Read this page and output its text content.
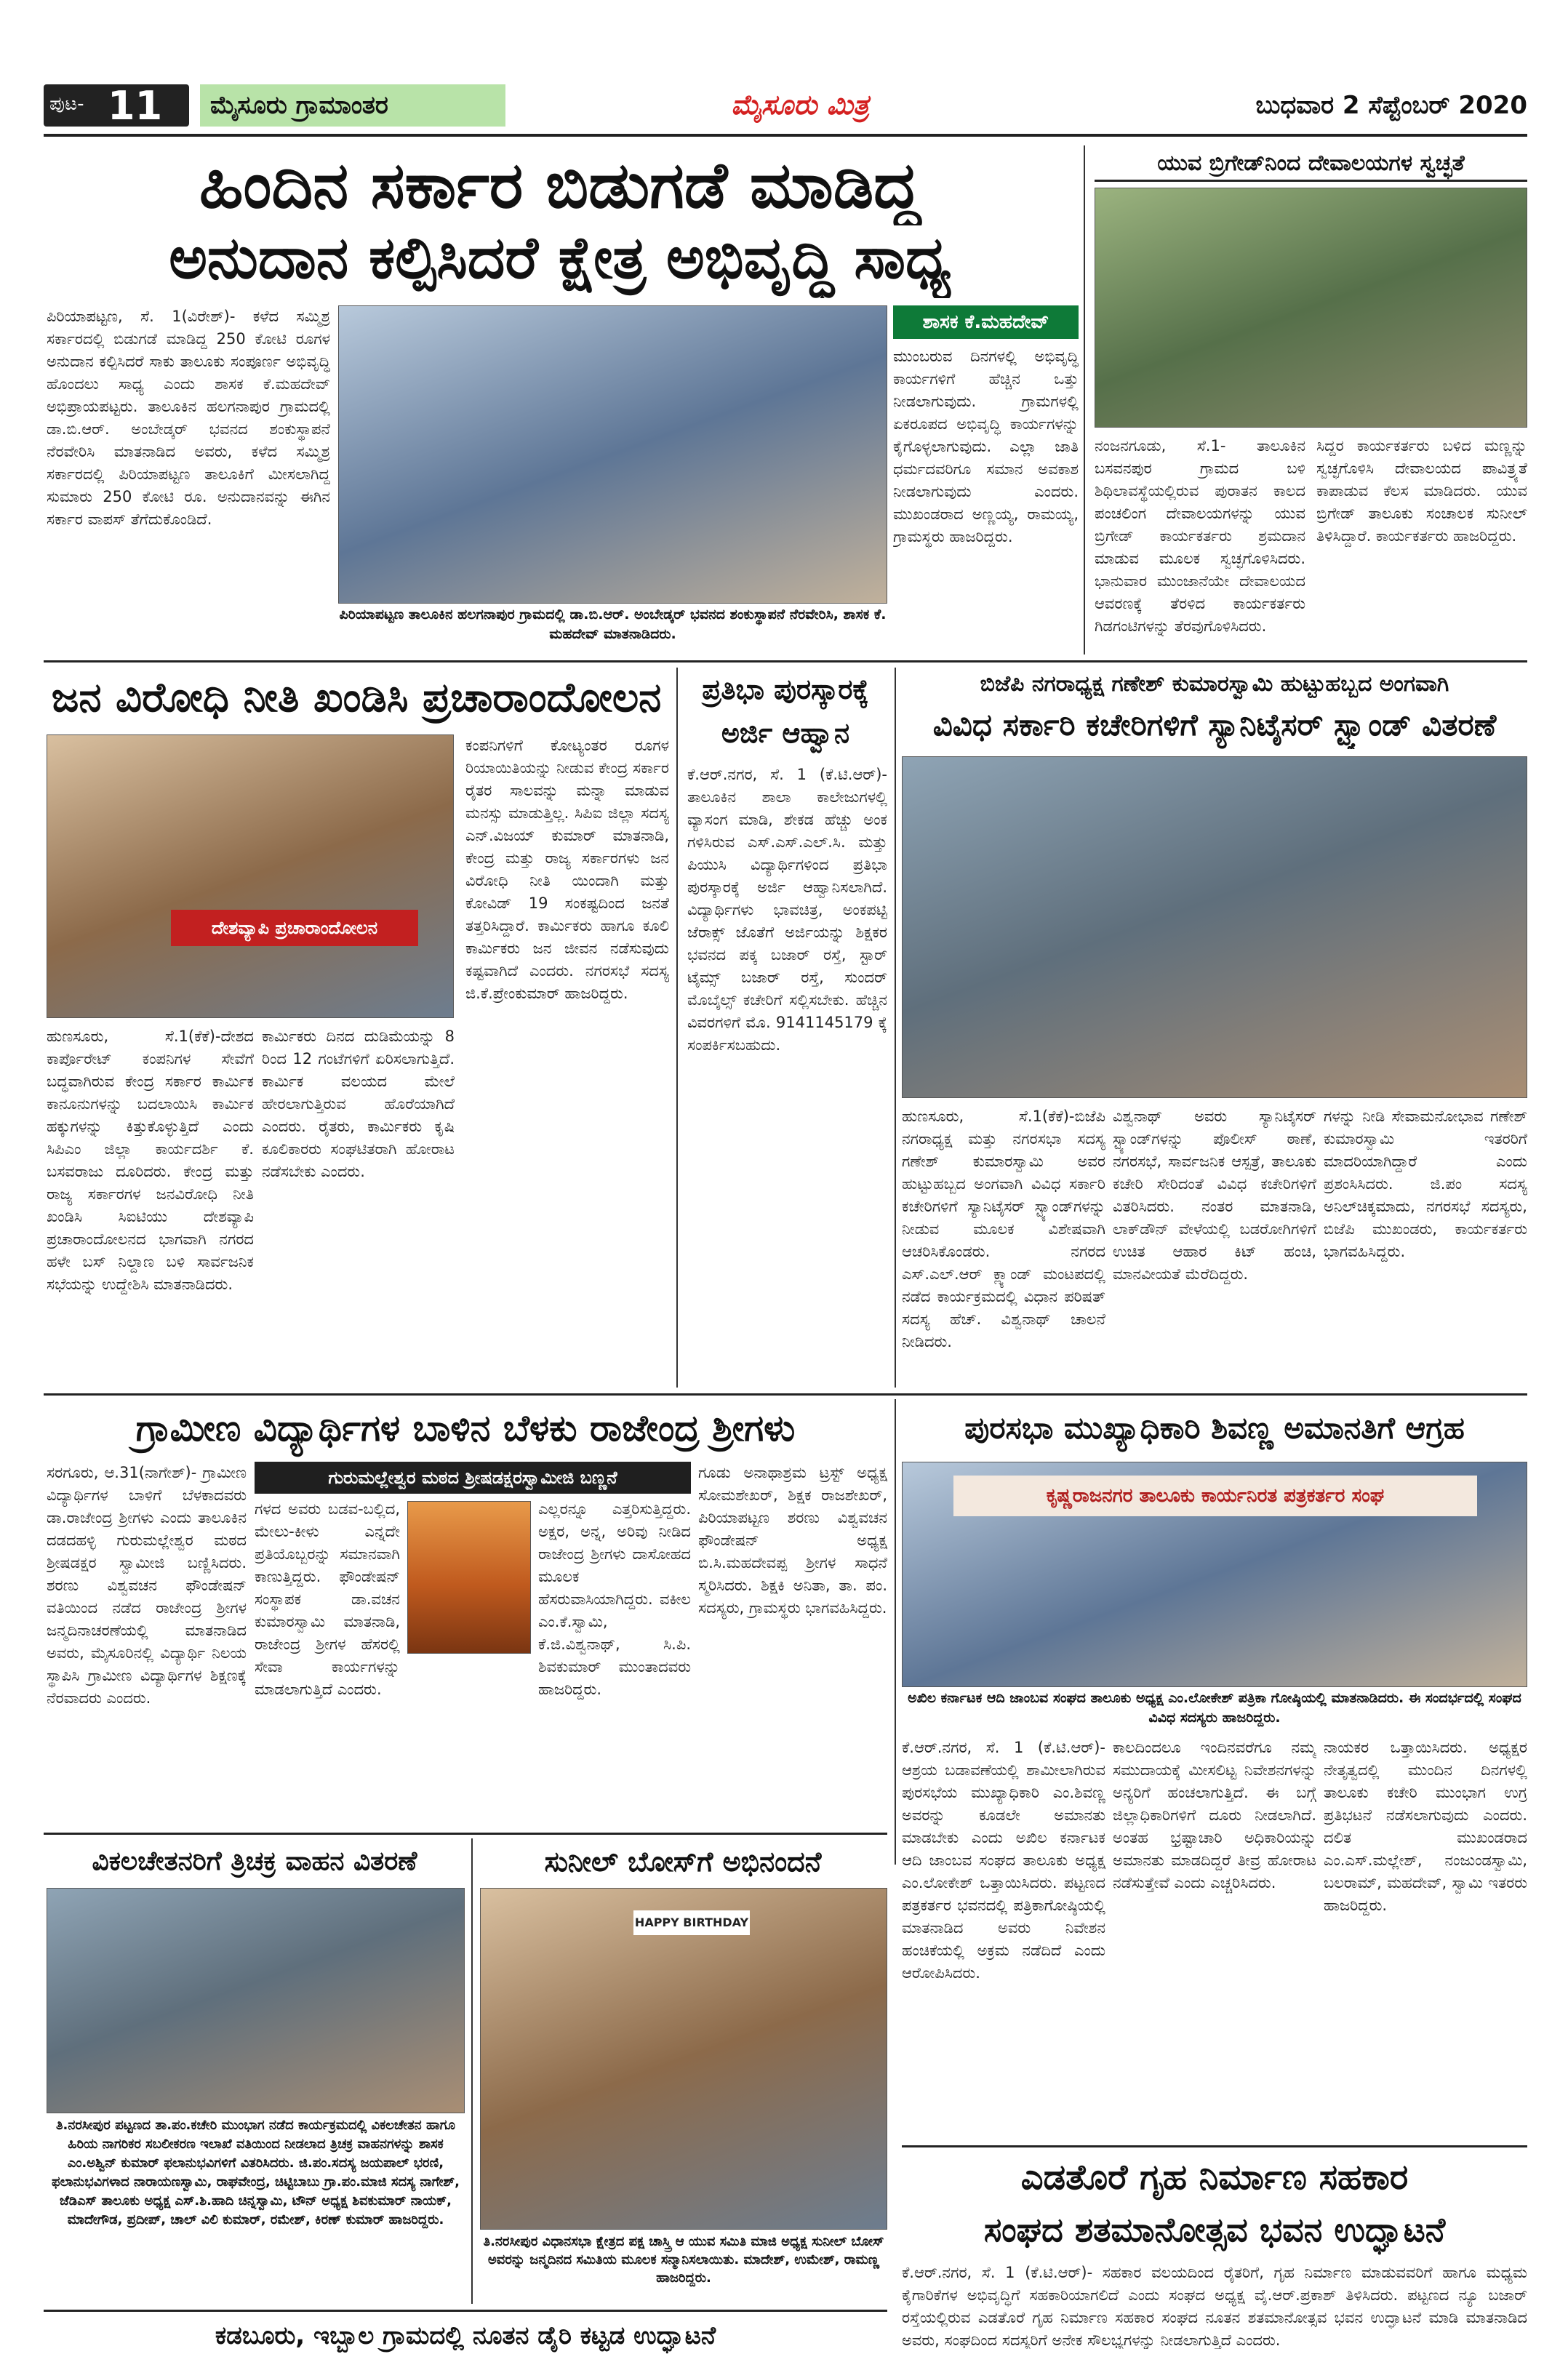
ಪುಟ- 11	ಮೈಸೂರು ಗ್ರಾಮಾಂತರ	ಮೈಸೂರು ಮಿತ್ರ	ಬುಧವಾರ 2 ಸೆಪ್ಟೆಂಬರ್ 2020
ಹಿಂದಿನ ಸರ್ಕಾರ ಬಿಡುಗಡೆ ಮಾಡಿದ್ದ
ಅನುದಾನ ಕಲ್ಪಿಸಿದರೆ ಕ್ಷೇತ್ರ ಅಭಿವೃದ್ಧಿ ಸಾಧ್ಯ
ಪಿರಿಯಾಪಟ್ಟಣ, ಸೆ. 1(ವಿರೇಶ್)- ಕಳೆದ ಸಮ್ಮಿಶ್ರ ಸರ್ಕಾರದಲ್ಲಿ ಬಿಡುಗಡೆ ಮಾಡಿದ್ದ 250 ಕೋಟಿ ರೂಗಳ ಅನುದಾನ ಕಲ್ಪಿಸಿದರೆ ಸಾಕು ತಾಲೂಕು ಸಂಪೂರ್ಣ ಅಭಿವೃದ್ಧಿ ಹೊಂದಲು ಸಾಧ್ಯ ಎಂದು ಶಾಸಕ ಕೆ.ಮಹದೇವ್ ಅಭಿಪ್ರಾಯಪಟ್ಟರು. ತಾಲೂಕಿನ ಹಲಗನಾಪುರ ಗ್ರಾಮದಲ್ಲಿ ಡಾ.ಬಿ.ಆರ್. ಅಂಬೇಡ್ಕರ್ ಭವನದ ಶಂಕುಸ್ಥಾಪನೆ ನೆರವೇರಿಸಿ ಮಾತನಾಡಿದ ಅವರು, ಕಳೆದ ಸಮ್ಮಿಶ್ರ ಸರ್ಕಾರದಲ್ಲಿ ಪಿರಿಯಾಪಟ್ಟಣ ತಾಲೂಕಿಗೆ ಮೀಸಲಾಗಿದ್ದ ಸುಮಾರು 250 ಕೋಟಿ ರೂ. ಅನುದಾನವನ್ನು ಈಗಿನ ಸರ್ಕಾರ ವಾಪಸ್ ತೆಗೆದುಕೊಂಡಿದೆ.
ಪಿರಿಯಾಪಟ್ಟಣ ತಾಲೂಕಿನ ಹಲಗನಾಪುರ ಗ್ರಾಮದಲ್ಲಿ ಡಾ.ಬಿ.ಆರ್. ಅಂಬೇಡ್ಕರ್ ಭವನದ ಶಂಕುಸ್ಥಾಪನೆ ನೆರವೇರಿಸಿ, ಶಾಸಕ ಕೆ. ಮಹದೇವ್ ಮಾತನಾಡಿದರು.
ಶಾಸಕ ಕೆ.ಮಹದೇವ್
ಮುಂಬರುವ ದಿನಗಳಲ್ಲಿ ಅಭಿವೃದ್ಧಿ ಕಾರ್ಯಗಳಿಗೆ ಹೆಚ್ಚಿನ ಒತ್ತು ನೀಡಲಾಗುವುದು. ಗ್ರಾಮಗಳಲ್ಲಿ ಏಕರೂಪದ ಅಭಿವೃದ್ಧಿ ಕಾರ್ಯಗಳನ್ನು ಕೈಗೊಳ್ಳಲಾಗುವುದು. ಎಲ್ಲಾ ಜಾತಿ ಧರ್ಮದವರಿಗೂ ಸಮಾನ ಅವಕಾಶ ನೀಡಲಾಗುವುದು ಎಂದರು. ಮುಖಂಡರಾದ ಅಣ್ಣಯ್ಯ, ರಾಮಯ್ಯ, ಗ್ರಾಮಸ್ಥರು ಹಾಜರಿದ್ದರು.
ಯುವ ಬ್ರಿಗೇಡ್‌ನಿಂದ ದೇವಾಲಯಗಳ ಸ್ವಚ್ಛತೆ
ನಂಜನಗೂಡು, ಸೆ.1- ತಾಲೂಕಿನ ಬಸವನಪುರ ಗ್ರಾಮದ ಬಳಿ ಶಿಥಿಲಾವಸ್ಥೆಯಲ್ಲಿರುವ ಪುರಾತನ ಕಾಲದ ಪಂಚಲಿಂಗ ದೇವಾಲಯಗಳನ್ನು ಯುವ ಬ್ರಿಗೇಡ್ ಕಾರ್ಯಕರ್ತರು ಶ್ರಮದಾನ ಮಾಡುವ ಮೂಲಕ ಸ್ವಚ್ಛಗೊಳಿಸಿದರು. ಭಾನುವಾರ ಮುಂಜಾನೆಯೇ ದೇವಾಲಯದ ಆವರಣಕ್ಕೆ ತೆರಳಿದ ಕಾರ್ಯಕರ್ತರು ಗಿಡಗಂಟಿಗಳನ್ನು ತೆರವುಗೊಳಿಸಿದರು.
ಸಿದ್ದರ ಕಾರ್ಯಕರ್ತರು ಬಳಿದ ಮಣ್ಣನ್ನು ಸ್ವಚ್ಛಗೊಳಿಸಿ ದೇವಾಲಯದ ಪಾವಿತ್ರ್ಯತೆ ಕಾಪಾಡುವ ಕೆಲಸ ಮಾಡಿದರು. ಯುವ ಬ್ರಿಗೇಡ್ ತಾಲೂಕು ಸಂಚಾಲಕ ಸುನೀಲ್ ತಿಳಿಸಿದ್ದಾರೆ. ಕಾರ್ಯಕರ್ತರು ಹಾಜರಿದ್ದರು.
ಜನ ವಿರೋಧಿ ನೀತಿ ಖಂಡಿಸಿ ಪ್ರಚಾರಾಂದೋಲನ
ದೇಶವ್ಯಾಪಿ ಪ್ರಚಾರಾಂದೋಲನ
ಹುಣಸೂರು, ಸೆ.1(ಕೆಕೆ)-ದೇಶದ ಕಾರ್ಪೊರೇಟ್ ಕಂಪನಿಗಳ ಸೇವೆಗೆ ಬದ್ಧವಾಗಿರುವ ಕೇಂದ್ರ ಸರ್ಕಾರ ಕಾರ್ಮಿಕ ಕಾನೂನುಗಳನ್ನು ಬದಲಾಯಿಸಿ ಕಾರ್ಮಿಕ ಹಕ್ಕುಗಳನ್ನು ಕಿತ್ತುಕೊಳ್ಳುತ್ತಿದೆ ಎಂದು ಸಿಪಿಎಂ ಜಿಲ್ಲಾ ಕಾರ್ಯದರ್ಶಿ ಕೆ. ಬಸವರಾಜು ದೂರಿದರು. ಕೇಂದ್ರ ಮತ್ತು ರಾಜ್ಯ ಸರ್ಕಾರಗಳ ಜನವಿರೋಧಿ ನೀತಿ ಖಂಡಿಸಿ ಸಿಐಟಿಯು ದೇಶವ್ಯಾಪಿ ಪ್ರಚಾರಾಂದೋಲನದ ಭಾಗವಾಗಿ ನಗರದ ಹಳೇ ಬಸ್ ನಿಲ್ದಾಣ ಬಳಿ ಸಾರ್ವಜನಿಕ ಸಭೆಯನ್ನು ಉದ್ದೇಶಿಸಿ ಮಾತನಾಡಿದರು.
ಕಾರ್ಮಿಕರು ದಿನದ ದುಡಿಮೆಯನ್ನು 8 ರಿಂದ 12 ಗಂಟೆಗಳಿಗೆ ಏರಿಸಲಾಗುತ್ತಿದೆ. ಕಾರ್ಮಿಕ ವಲಯದ ಮೇಲೆ ಹೇರಲಾಗುತ್ತಿರುವ ಹೊರೆಯಾಗಿದೆ ಎಂದರು. ರೈತರು, ಕಾರ್ಮಿಕರು ಕೃಷಿ ಕೂಲಿಕಾರರು ಸಂಘಟಿತರಾಗಿ ಹೋರಾಟ ನಡೆಸಬೇಕು ಎಂದರು.
ಕಂಪನಿಗಳಿಗೆ ಕೋಟ್ಯಂತರ ರೂಗಳ ರಿಯಾಯಿತಿಯನ್ನು ನೀಡುವ ಕೇಂದ್ರ ಸರ್ಕಾರ ರೈತರ ಸಾಲವನ್ನು ಮನ್ನಾ ಮಾಡುವ ಮನಸ್ಸು ಮಾಡುತ್ತಿಲ್ಲ. ಸಿಪಿಐ ಜಿಲ್ಲಾ ಸದಸ್ಯ ಎನ್.ವಿಜಯ್ ಕುಮಾರ್ ಮಾತನಾಡಿ, ಕೇಂದ್ರ ಮತ್ತು ರಾಜ್ಯ ಸರ್ಕಾರಗಳು ಜನ ವಿರೋಧಿ ನೀತಿ ಯಿಂದಾಗಿ ಮತ್ತು ಕೋವಿಡ್ 19 ಸಂಕಷ್ಟದಿಂದ ಜನತೆ ತತ್ತರಿಸಿದ್ದಾರೆ. ಕಾರ್ಮಿಕರು ಹಾಗೂ ಕೂಲಿ ಕಾರ್ಮಿಕರು ಜನ ಜೀವನ ನಡೆಸುವುದು ಕಷ್ಟವಾಗಿದೆ ಎಂದರು. ನಗರಸಭೆ ಸದಸ್ಯ ಜಿ.ಕೆ.ಪ್ರೇಂಕುಮಾರ್ ಹಾಜರಿದ್ದರು.
ಪ್ರತಿಭಾ ಪುರಸ್ಕಾರಕ್ಕೆ
ಅರ್ಜಿ ಆಹ್ವಾನ
ಕೆ.ಆರ್.ನಗರ, ಸೆ. 1 (ಕೆ.ಟಿ.ಆರ್)- ತಾಲೂಕಿನ ಶಾಲಾ ಕಾಲೇಜುಗಳಲ್ಲಿ ವ್ಯಾಸಂಗ ಮಾಡಿ, ಶೇಕಡ ಹೆಚ್ಚು ಅಂಕ ಗಳಿಸಿರುವ ಎಸ್.ಎಸ್.ಎಲ್.ಸಿ. ಮತ್ತು ಪಿಯುಸಿ ವಿದ್ಯಾರ್ಥಿಗಳಿಂದ ಪ್ರತಿಭಾ ಪುರಸ್ಕಾರಕ್ಕೆ ಅರ್ಜಿ ಆಹ್ವಾನಿಸಲಾಗಿದೆ. ವಿದ್ಯಾರ್ಥಿಗಳು ಭಾವಚಿತ್ರ, ಅಂಕಪಟ್ಟಿ ಜೆರಾಕ್ಸ್ ಜೊತೆಗೆ ಅರ್ಜಿಯನ್ನು ಶಿಕ್ಷಕರ ಭವನದ ಪಕ್ಕ ಬಜಾರ್ ರಸ್ತೆ, ಸ್ಟಾರ್ ಟೈಮ್ಸ್ ಬಜಾರ್ ರಸ್ತೆ, ಸುಂದರ್ ಮೊಬೈಲ್ಸ್ ಕಚೇರಿಗೆ ಸಲ್ಲಿಸಬೇಕು. ಹೆಚ್ಚಿನ ವಿವರಗಳಿಗೆ ಮೊ. 9141145179 ಕ್ಕೆ ಸಂಪರ್ಕಿಸಬಹುದು.
ಬಿಜೆಪಿ ನಗರಾಧ್ಯಕ್ಷ ಗಣೇಶ್ ಕುಮಾರಸ್ವಾಮಿ ಹುಟ್ಟುಹಬ್ಬದ ಅಂಗವಾಗಿ
ವಿವಿಧ ಸರ್ಕಾರಿ ಕಚೇರಿಗಳಿಗೆ ಸ್ಯಾನಿಟೈಸರ್ ಸ್ಟ್ಯಾಂಡ್ ವಿತರಣೆ
ಹುಣಸೂರು, ಸೆ.1(ಕೆಕೆ)-ಬಿಜೆಪಿ ನಗರಾಧ್ಯಕ್ಷ ಮತ್ತು ನಗರಸಭಾ ಸದಸ್ಯ ಗಣೇಶ್ ಕುಮಾರಸ್ವಾಮಿ ಅವರ ಹುಟ್ಟುಹಬ್ಬದ ಅಂಗವಾಗಿ ವಿವಿಧ ಸರ್ಕಾರಿ ಕಚೇರಿಗಳಿಗೆ ಸ್ಯಾನಿಟೈಸರ್ ಸ್ಟ್ಯಾಂಡ್‌ಗಳನ್ನು ನೀಡುವ ಮೂಲಕ ವಿಶೇಷವಾಗಿ ಆಚರಿಸಿಕೊಂಡರು. ನಗರದ ಎಸ್.ಎಲ್.ಆರ್ ಕ್ಲ್ಯಾಂಡ್ ಮಂಟಪದಲ್ಲಿ ನಡೆದ ಕಾರ್ಯಕ್ರಮದಲ್ಲಿ ವಿಧಾನ ಪರಿಷತ್ ಸದಸ್ಯ ಹೆಚ್. ವಿಶ್ವನಾಥ್ ಚಾಲನೆ ನೀಡಿದರು.
ವಿಶ್ವನಾಥ್ ಅವರು ಸ್ಯಾನಿಟೈಸರ್ ಸ್ಟ್ಯಾಂಡ್‌ಗಳನ್ನು ಪೊಲೀಸ್ ಠಾಣೆ, ನಗರಸಭೆ, ಸಾರ್ವಜನಿಕ ಆಸ್ಪತ್ರೆ, ತಾಲೂಕು ಕಚೇರಿ ಸೇರಿದಂತೆ ವಿವಿಧ ಕಚೇರಿಗಳಿಗೆ ವಿತರಿಸಿದರು. ನಂತರ ಮಾತನಾಡಿ, ಲಾಕ್‌ಡೌನ್ ವೇಳೆಯಲ್ಲಿ ಬಡರೋಗಿಗಳಿಗೆ ಉಚಿತ ಆಹಾರ ಕಿಟ್ ಹಂಚಿ, ಮಾನವೀಯತೆ ಮೆರೆದಿದ್ದರು.
ಗಳನ್ನು ನೀಡಿ ಸೇವಾಮನೋಭಾವ ಗಣೇಶ್ ಕುಮಾರಸ್ವಾಮಿ ಇತರರಿಗೆ ಮಾದರಿಯಾಗಿದ್ದಾರೆ ಎಂದು ಪ್ರಶಂಸಿಸಿದರು. ಜಿ.ಪಂ ಸದಸ್ಯ ಅನಿಲ್‌ಚಿಕ್ಕಮಾದು, ನಗರಸಭೆ ಸದಸ್ಯರು, ಬಿಜೆಪಿ ಮುಖಂಡರು, ಕಾರ್ಯಕರ್ತರು ಭಾಗವಹಿಸಿದ್ದರು.
ಗ್ರಾಮೀಣ ವಿದ್ಯಾರ್ಥಿಗಳ ಬಾಳಿನ ಬೆಳಕು ರಾಜೇಂದ್ರ ಶ್ರೀಗಳು
ಸರಗೂರು, ಆ.31(ನಾಗೇಶ್)- ಗ್ರಾಮೀಣ ವಿದ್ಯಾರ್ಥಿಗಳ ಬಾಳಿಗೆ ಬೆಳಕಾದವರು ಡಾ.ರಾಜೇಂದ್ರ ಶ್ರೀಗಳು ಎಂದು ತಾಲೂಕಿನ ದಡದಹಳ್ಳಿ ಗುರುಮಲ್ಲೇಶ್ವರ ಮಠದ ಶ್ರೀಷಡಕ್ಷರ ಸ್ವಾಮೀಜಿ ಬಣ್ಣಿಸಿದರು. ಶರಣು ವಿಶ್ವವಚನ ಫೌಂಡೇಷನ್ ವತಿಯಿಂದ ನಡೆದ ರಾಜೇಂದ್ರ ಶ್ರೀಗಳ ಜನ್ಮದಿನಾಚರಣೆಯಲ್ಲಿ ಮಾತನಾಡಿದ ಅವರು, ಮೈಸೂರಿನಲ್ಲಿ ವಿದ್ಯಾರ್ಥಿ ನಿಲಯ ಸ್ಥಾಪಿಸಿ ಗ್ರಾಮೀಣ ವಿದ್ಯಾರ್ಥಿಗಳ ಶಿಕ್ಷಣಕ್ಕೆ ನೆರವಾದರು ಎಂದರು.
ಗುರುಮಲ್ಲೇಶ್ವರ ಮಠದ ಶ್ರೀಷಡಕ್ಷರಸ್ವಾಮೀಜಿ ಬಣ್ಣನೆ
ಗಳದ ಅವರು ಬಡವ-ಬಲ್ಲಿದ, ಮೇಲು-ಕೀಳು ಎನ್ನದೇ ಪ್ರತಿಯೊಬ್ಬರನ್ನು ಸಮಾನವಾಗಿ ಕಾಣುತ್ತಿದ್ದರು. ಫೌಂಡೇಷನ್ ಸಂಸ್ಥಾಪಕ ಡಾ.ವಚನ ಕುಮಾರಸ್ವಾಮಿ ಮಾತನಾಡಿ, ರಾಜೇಂದ್ರ ಶ್ರೀಗಳ ಹೆಸರಲ್ಲಿ ಸೇವಾ ಕಾರ್ಯಗಳನ್ನು ಮಾಡಲಾಗುತ್ತಿದೆ ಎಂದರು.
ಎಲ್ಲರನ್ನೂ ಎತ್ತರಿಸುತ್ತಿದ್ದರು. ಅಕ್ಷರ, ಅನ್ನ, ಅರಿವು ನೀಡಿದ ರಾಜೇಂದ್ರ ಶ್ರೀಗಳು ದಾಸೋಹದ ಮೂಲಕ ಹೆಸರುವಾಸಿಯಾಗಿದ್ದರು. ವಕೀಲ ಎಂ.ಕೆ.ಸ್ವಾಮಿ, ಕೆ.ಜಿ.ವಿಶ್ವನಾಥ್, ಸಿ.ಪಿ. ಶಿವಕುಮಾರ್ ಮುಂತಾದವರು ಹಾಜರಿದ್ದರು.
ಗೂಡು ಅನಾಥಾಶ್ರಮ ಟ್ರಸ್ಟ್ ಅಧ್ಯಕ್ಷ ಸೋಮಶೇಖರ್, ಶಿಕ್ಷಕ ರಾಜಶೇಖರ್, ಪಿರಿಯಾಪಟ್ಟಣ ಶರಣು ವಿಶ್ವವಚನ ಫೌಂಡೇಷನ್ ಅಧ್ಯಕ್ಷ ಬಿ.ಸಿ.ಮಹದೇವಪ್ಪ ಶ್ರೀಗಳ ಸಾಧನೆ ಸ್ಮರಿಸಿದರು. ಶಿಕ್ಷಕಿ ಅನಿತಾ, ತಾ. ಪಂ. ಸದಸ್ಯರು, ಗ್ರಾಮಸ್ಥರು ಭಾಗವಹಿಸಿದ್ದರು.
ಪುರಸಭಾ ಮುಖ್ಯಾಧಿಕಾರಿ ಶಿವಣ್ಣ ಅಮಾನತಿಗೆ ಆಗ್ರಹ
ಕೃಷ್ಣರಾಜನಗರ ತಾಲೂಕು ಕಾರ್ಯನಿರತ ಪತ್ರಕರ್ತರ ಸಂಘ
ಅಖಿಲ ಕರ್ನಾಟಕ ಆದಿ ಜಾಂಬವ ಸಂಘದ ತಾಲೂಕು ಅಧ್ಯಕ್ಷ ಎಂ.ಲೋಕೇಶ್ ಪತ್ರಿಕಾ ಗೋಷ್ಠಿಯಲ್ಲಿ ಮಾತನಾಡಿದರು. ಈ ಸಂದರ್ಭದಲ್ಲಿ ಸಂಘದ ವಿವಿಧ ಸದಸ್ಯರು ಹಾಜರಿದ್ದರು.
ಕೆ.ಆರ್.ನಗರ, ಸೆ. 1 (ಕೆ.ಟಿ.ಆರ್)- ಆಶ್ರಯ ಬಡಾವಣೆಯಲ್ಲಿ ಶಾಮೀಲಾಗಿರುವ ಪುರಸಭೆಯ ಮುಖ್ಯಾಧಿಕಾರಿ ಎಂ.ಶಿವಣ್ಣ ಅವರನ್ನು ಕೂಡಲೇ ಅಮಾನತು ಮಾಡಬೇಕು ಎಂದು ಅಖಿಲ ಕರ್ನಾಟಕ ಆದಿ ಜಾಂಬವ ಸಂಘದ ತಾಲೂಕು ಅಧ್ಯಕ್ಷ ಎಂ.ಲೋಕೇಶ್ ಒತ್ತಾಯಿಸಿದರು. ಪಟ್ಟಣದ ಪತ್ರಕರ್ತರ ಭವನದಲ್ಲಿ ಪತ್ರಿಕಾಗೋಷ್ಠಿಯಲ್ಲಿ ಮಾತನಾಡಿದ ಅವರು ನಿವೇಶನ ಹಂಚಿಕೆಯಲ್ಲಿ ಅಕ್ರಮ ನಡೆದಿದೆ ಎಂದು ಆರೋಪಿಸಿದರು.
ಕಾಲದಿಂದಲೂ ಇಂದಿನವರೆಗೂ ನಮ್ಮ ಸಮುದಾಯಕ್ಕೆ ಮೀಸಲಿಟ್ಟ ನಿವೇಶನಗಳನ್ನು ಅನ್ಯರಿಗೆ ಹಂಚಲಾಗುತ್ತಿದೆ. ಈ ಬಗ್ಗೆ ಜಿಲ್ಲಾಧಿಕಾರಿಗಳಿಗೆ ದೂರು ನೀಡಲಾಗಿದೆ. ಅಂತಹ ಭ್ರಷ್ಟಾಚಾರಿ ಅಧಿಕಾರಿಯನ್ನು ಅಮಾನತು ಮಾಡದಿದ್ದರೆ ತೀವ್ರ ಹೋರಾಟ ನಡೆಸುತ್ತೇವೆ ಎಂದು ಎಚ್ಚರಿಸಿದರು.
ನಾಯಕರ ಒತ್ತಾಯಿಸಿದರು. ಅಧ್ಯಕ್ಷರ ನೇತೃತ್ವದಲ್ಲಿ ಮುಂದಿನ ದಿನಗಳಲ್ಲಿ ತಾಲೂಕು ಕಚೇರಿ ಮುಂಭಾಗ ಉಗ್ರ ಪ್ರತಿಭಟನೆ ನಡೆಸಲಾಗುವುದು ಎಂದರು. ದಲಿತ ಮುಖಂಡರಾದ ಎಂ.ಎಸ್.ಮಲ್ಲೇಶ್, ನಂಜುಂಡಸ್ವಾಮಿ, ಬಲರಾಮ್, ಮಹದೇವ್, ಸ್ವಾಮಿ ಇತರರು ಹಾಜರಿದ್ದರು.
ವಿಕಲಚೇತನರಿಗೆ ತ್ರಿಚಕ್ರ ವಾಹನ ವಿತರಣೆ
ತಿ.ನರಸೀಪುರ ಪಟ್ಟಣದ ತಾ.ಪಂ.ಕಚೇರಿ ಮುಂಭಾಗ ನಡೆದ ಕಾರ್ಯಕ್ರಮದಲ್ಲಿ ವಿಕಲಚೇತನ ಹಾಗೂ ಹಿರಿಯ ನಾಗರಿಕರ ಸಬಲೀಕರಣ ಇಲಾಖೆ ವತಿಯಿಂದ ನೀಡಲಾದ ತ್ರಿಚಕ್ರ ವಾಹನಗಳನ್ನು ಶಾಸಕ ಎಂ.ಅಶ್ವಿನ್ ಕುಮಾರ್ ಫಲಾನುಭವಿಗಳಿಗೆ ವಿತರಿಸಿದರು. ಜಿ.ಪಂ.ಸದಸ್ಯ ಜಯಪಾಲ್ ಭರಣಿ, ಫಲಾನುಭವಿಗಳಾದ ನಾರಾಯಣಸ್ವಾಮಿ, ರಾಘವೇಂದ್ರ, ಚಿಟ್ಟಿಬಾಬು ಗ್ರಾ.ಪಂ.ಮಾಜಿ ಸದಸ್ಯ ನಾಗೇಶ್, ಜೆಡಿಎಸ್ ತಾಲೂಕು ಅಧ್ಯಕ್ಷ ಎಸ್.ಶಿ.ಹಾದಿ ಚಿನ್ನಸ್ವಾಮಿ, ಟೌನ್ ಅಧ್ಯಕ್ಷ ಶಿವಕುಮಾರ್ ನಾಯಕ್, ಮಾದೇಗೌಡ, ಪ್ರದೀಪ್, ಚಾಲ್ ವಿಲಿ ಕುಮಾರ್, ರಮೇಶ್, ಕಿರಣ್ ಕುಮಾರ್ ಹಾಜರಿದ್ದರು.
ಸುನೀಲ್ ಬೋಸ್‌ಗೆ ಅಭಿನಂದನೆ
HAPPY BIRTHDAY
ತಿ.ನರಸೀಪುರ ವಿಧಾನಸಭಾ ಕ್ಷೇತ್ರದ ಪಕ್ಷ ಚಾಸ್ತ್ರಿ ಆ ಯುವ ಸಮಿತಿ ಮಾಜಿ ಅಧ್ಯಕ್ಷ ಸುನೀಲ್ ಬೋಸ್ ಅವರನ್ನು ಜನ್ಮದಿನದ ಸಮಿತಿಯ ಮೂಲಕ ಸನ್ಮಾನಿಸಲಾಯಿತು. ಮಾದೇಶ್, ಉಮೇಶ್, ರಾಮಣ್ಣ ಹಾಜರಿದ್ದರು.
ಎಡತೊರೆ ಗೃಹ ನಿರ್ಮಾಣ ಸಹಕಾರ
ಸಂಘದ ಶತಮಾನೋತ್ಸವ ಭವನ ಉದ್ಘಾಟನೆ
ಕೆ.ಆರ್.ನಗರ, ಸೆ. 1 (ಕೆ.ಟಿ.ಆರ್)- ಸಹಕಾರ ವಲಯದಿಂದ ರೈತರಿಗೆ, ಗೃಹ ನಿರ್ಮಾಣ ಮಾಡುವವರಿಗೆ ಹಾಗೂ ಮಧ್ಯಮ ಕೈಗಾರಿಕೆಗಳ ಅಭಿವೃದ್ಧಿಗೆ ಸಹಕಾರಿಯಾಗಲಿದೆ ಎಂದು ಸಂಘದ ಅಧ್ಯಕ್ಷ ವೈ.ಆರ್.ಪ್ರಕಾಶ್ ತಿಳಿಸಿದರು. ಪಟ್ಟಣದ ನ್ಯೂ ಬಜಾರ್ ರಸ್ತೆಯಲ್ಲಿರುವ ಎಡತೊರೆ ಗೃಹ ನಿರ್ಮಾಣ ಸಹಕಾರ ಸಂಘದ ನೂತನ ಶತಮಾನೋತ್ಸವ ಭವನ ಉದ್ಘಾಟನೆ ಮಾಡಿ ಮಾತನಾಡಿದ ಅವರು, ಸಂಘದಿಂದ ಸದಸ್ಯರಿಗೆ ಅನೇಕ ಸೌಲಭ್ಯಗಳನ್ನು ನೀಡಲಾಗುತ್ತಿದೆ ಎಂದರು.
ಕಡಬೂರು, ಇಬ್ಬಾಲ ಗ್ರಾಮದಲ್ಲಿ ನೂತನ ಡೈರಿ ಕಟ್ಟಡ ಉದ್ಘಾಟನೆ
